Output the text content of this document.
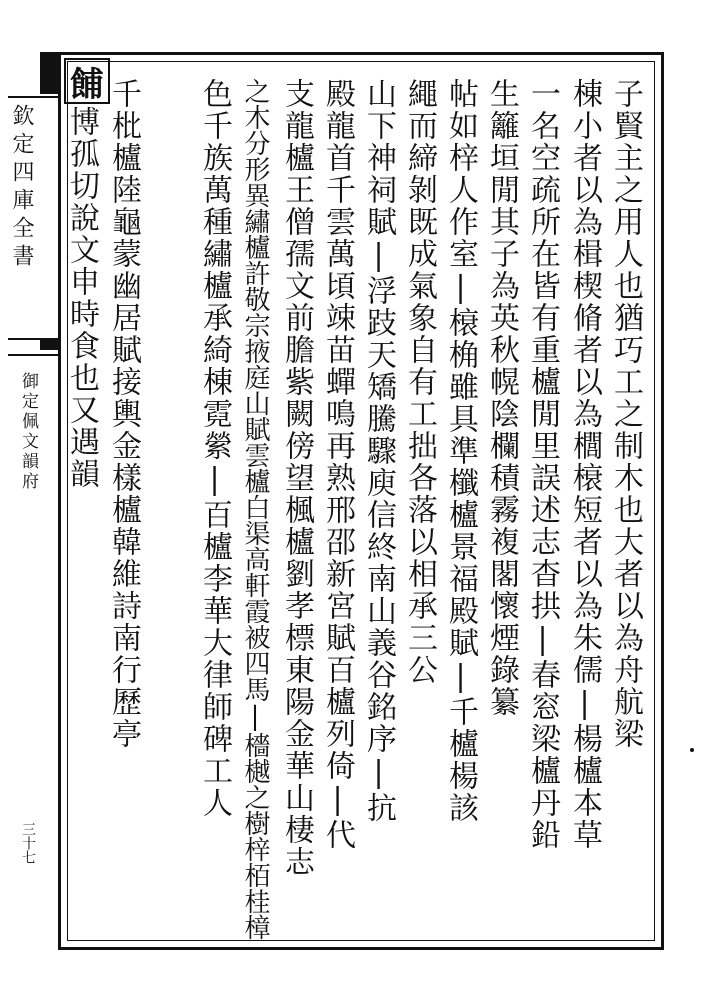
欽定四庫全書
御定佩文韻府
三十七
餔	子賢主之用人也猶巧工之制木也大者以為舟航梁
棟小者以為楫楔脩者以為櫚榱短者以為朱儒|楊櫨本草
一名空疏所在皆有重櫨閒里誤述志杳拱|春窓梁櫨丹鉛
生籬垣閒其子為英秋幌陰欄積霧複閣懷煙錄纂
帖如梓人作室|榱桷雖具準櫼櫨景福殿賦|千櫨楊該
繩而締剝既成氣象自有工拙各落以相承三公
山下神祠賦|浮跂天矯騰驟庾信終南山義谷銘序|抗
殿龍首千雲萬頃竦苗蟬鳴再熟邢邵新宮賦百櫨列倚|代
支龍櫨王僧孺文前膽紫闕傍望楓櫨劉孝標東陽金華山棲志
之木分形異繡櫨許敬宗掖庭山賦雲櫨白渠高軒霞被四馬|檣樾之樹梓栢桂樟
色千族萬種繡櫨承綺棟霓縈|百櫨李華大律師碑工人
千枇櫨陸龜蒙幽居賦接輿金樣櫨韓維詩南行歷亭
博孤切說文申時食也又遇韻
